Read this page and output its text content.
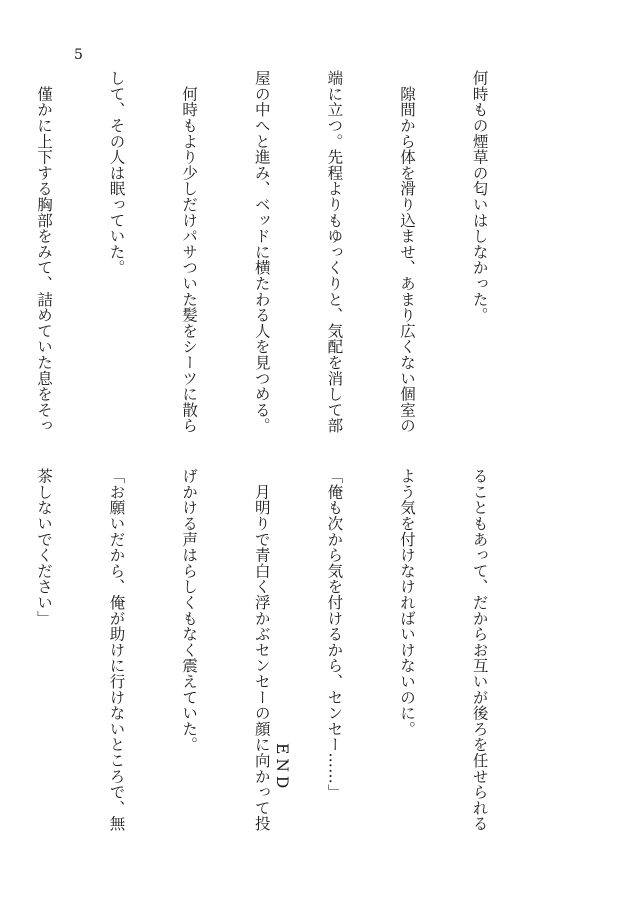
5

何時もの煙草の匂いはしなかった。

　隙間から体を滑り込ませ、あまり広くない個室の

端に立つ。先程よりもゆっくりと、気配を消して部

屋の中へと進み、ベッドに横たわる人を見つめる。

　何時もより少しだけパサついた髪をシーツに散ら

して、その人は眠っていた。

　僅かに上下する胸部をみて、詰めていた息をそっ

ることもあって、だからお互いが後ろを任せられる

よう気を付けなければいけないのに。

「俺も次から気を付けるから、センセー……」

　月明りで青白く浮かぶセンセーの顔に向かって投

げかける声はらしくもなく震えていた。

「お願いだから、俺が助けに行けないところで、無

茶しないでください」

END
